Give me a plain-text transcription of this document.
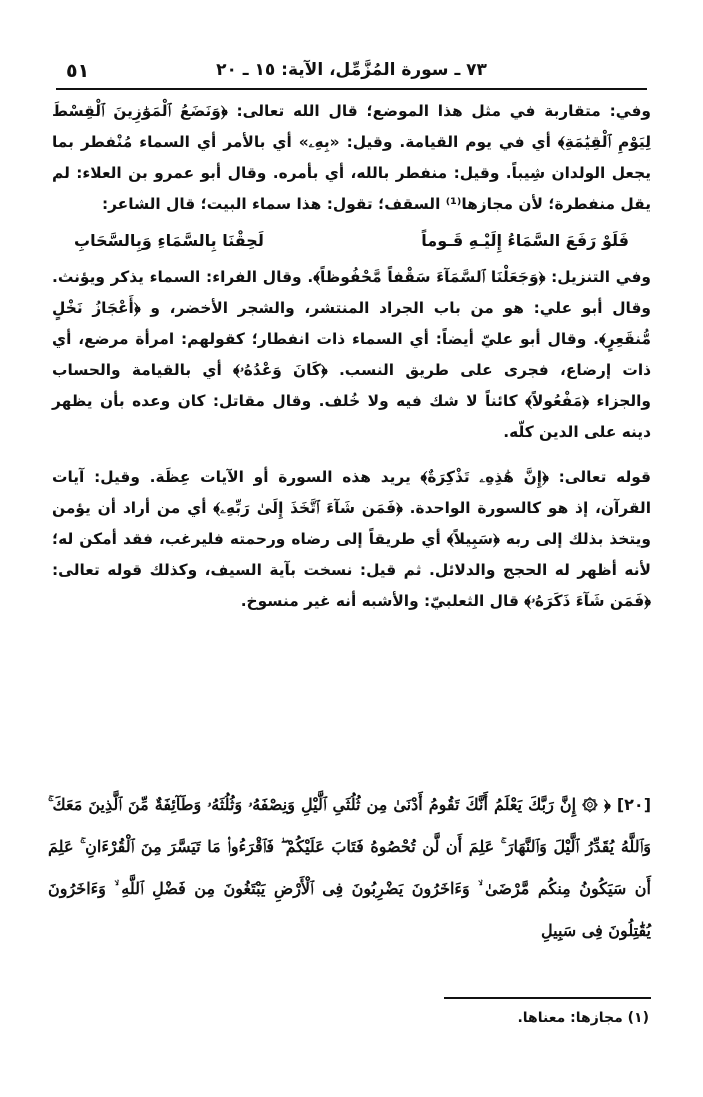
٥١	٧٣ ـ سورة المُزَّمِّل، الآية: ١٥ ـ ٢٠

وفي: متقاربة في مثل هذا الموضع؛ قال الله تعالى: ﴿وَنَضَعُ ٱلْمَوَٰزِينَ ٱلْقِسْطَ لِيَوْمِ ٱلْقِيَٰمَةِ﴾ أي في يوم القيامة. وقيل: «بِهِۦ» أي بالأمر أي السماء مُنْفطر بما يجعل الولدان شِيباً. وقيل: منفطر بالله، أي بأمره. وقال أبو عمرو بن العلاء: لم يقل منفطرة؛ لأن مجازها⁽¹⁾ السقف؛ تقول: هذا سماء البيت؛ قال الشاعر:

فَلَوْ رَفَعَ السَّمَاءُ إِلَيْـهِ قَـوماً
لَحِقْنَا بِالسَّمَاءِ وَبِالسَّحَابِ

وفي التنزيل: ﴿وَجَعَلْنَا ٱلسَّمَآءَ سَقْفاً مَّحْفُوظاً﴾. وقال الفراء: السماء يذكر ويؤنث. وقال أبو علي: هو من باب الجراد المنتشر، والشجر الأخضر، و ﴿أَعْجَازُ نَخْلٍ مُّنقَعِرٍ﴾. وقال أبو عليّ أيضاً: أي السماء ذات انفطار؛ كقولهم: امرأة مرضع، أي ذات إرضاع، فجرى على طريق النسب. ﴿كَانَ وَعْدُهُۥ﴾ أي بالقيامة والحساب والجزاء ﴿مَفْعُولاً﴾ كائناً لا شك فيه ولا خُلف. وقال مقاتل: كان وعده بأن يظهر دينه على الدين كلّه.

قوله تعالى: ﴿إِنَّ هَٰذِهِۦ تَذْكِرَةٌ﴾ يريد هذه السورة أو الآيات عِظَة. وقيل: آيات القرآن، إذ هو كالسورة الواحدة. ﴿فَمَن شَآءَ ٱتَّخَذَ إِلَىٰ رَبِّهِۦ﴾ أي من أراد أن يؤمن ويتخذ بذلك إلى ربه ﴿سَبِيلاً﴾ أي طريقاً إلى رضاه ورحمته فليرغب، فقد أمكن له؛ لأنه أظهر له الحجج والدلائل. ثم قيل: نسخت بآية السيف، وكذلك قوله تعالى: ﴿فَمَن شَآءَ ذَكَرَهُۥ﴾ قال الثعلبيّ: والأشبه أنه غير منسوخ.

[٢٠] ﴿ ۞ إِنَّ رَبَّكَ يَعْلَمُ أَنَّكَ تَقُومُ أَدْنَىٰ مِن ثُلُثَىِ ٱلَّيْلِ وَنِصْفَهُۥ وَثُلُثَهُۥ وَطَآئِفَةٌ مِّنَ ٱلَّذِينَ مَعَكَ ۚ وَٱللَّهُ يُقَدِّرُ ٱلَّيْلَ وَٱلنَّهَارَ ۚ عَلِمَ أَن لَّن تُحْصُوهُ فَتَابَ عَلَيْكُمْ ۖ فَٱقْرَءُوا۟ مَا تَيَسَّرَ مِنَ ٱلْقُرْءَانِ ۚ عَلِمَ أَن سَيَكُونُ مِنكُم مَّرْضَىٰ ۙ وَءَاخَرُونَ يَضْرِبُونَ فِى ٱلْأَرْضِ يَبْتَغُونَ مِن فَضْلِ ٱللَّهِ ۙ وَءَاخَرُونَ يُقَٰتِلُونَ فِى سَبِيلِ

(١) مجازها: معناها.
